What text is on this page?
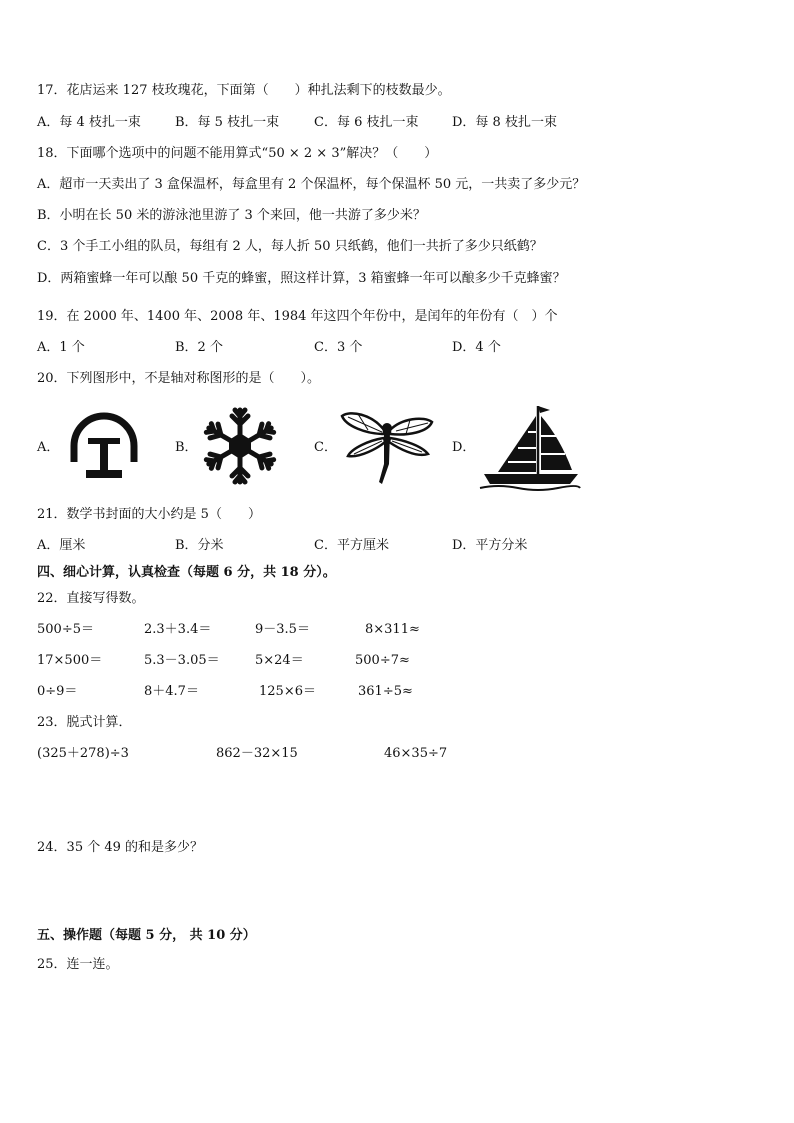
17．花店运来 127 枝玫瑰花，下面第（　　）种扎法剩下的枝数最少。
A．每 4 枝扎一束	B．每 5 枝扎一束	C．每 6 枝扎一束	D．每 8 枝扎一束
18．下面哪个选项中的问题不能用算式“50 × 2 × 3”解决？（　　）
A．超市一天卖出了 3 盒保温杯，每盒里有 2 个保温杯，每个保温杯 50 元，一共卖了多少元？
B．小明在长 50 米的游泳池里游了 3 个来回，他一共游了多少米？
C．3 个手工小组的队员，每组有 2 人，每人折 50 只纸鹤，他们一共折了多少只纸鹤？
D．两箱蜜蜂一年可以酿 50 千克的蜂蜜，照这样计算，3 箱蜜蜂一年可以酿多少千克蜂蜜？
19．在 2000 年、1400 年、2008 年、1984 年这四个年份中，是闰年的年份有（　）个
A．1 个	B．2 个	C．3 个	D．4 个
20．下列图形中，不是轴对称图形的是（　　）。
A．	B．	C．	D．
21．数学书封面的大小约是 5（　　）
A．厘米	B．分米	C．平方厘米	D．平方分米
四、细心计算，认真检查（每题 6 分，共 18 分）。
22．直接写得数。
500÷5＝	2.3＋3.4＝	9－3.5＝	8×311≈
17×500＝	5.3－3.05＝	5×24＝	500÷7≈
0÷9＝	8＋4.7＝	125×6＝	361÷5≈
23．脱式计算．
(325＋278)÷3	862－32×15	46×35÷7
24．35 个 49 的和是多少？
五、操作题（每题 5 分， 共 10 分）
25．连一连。
